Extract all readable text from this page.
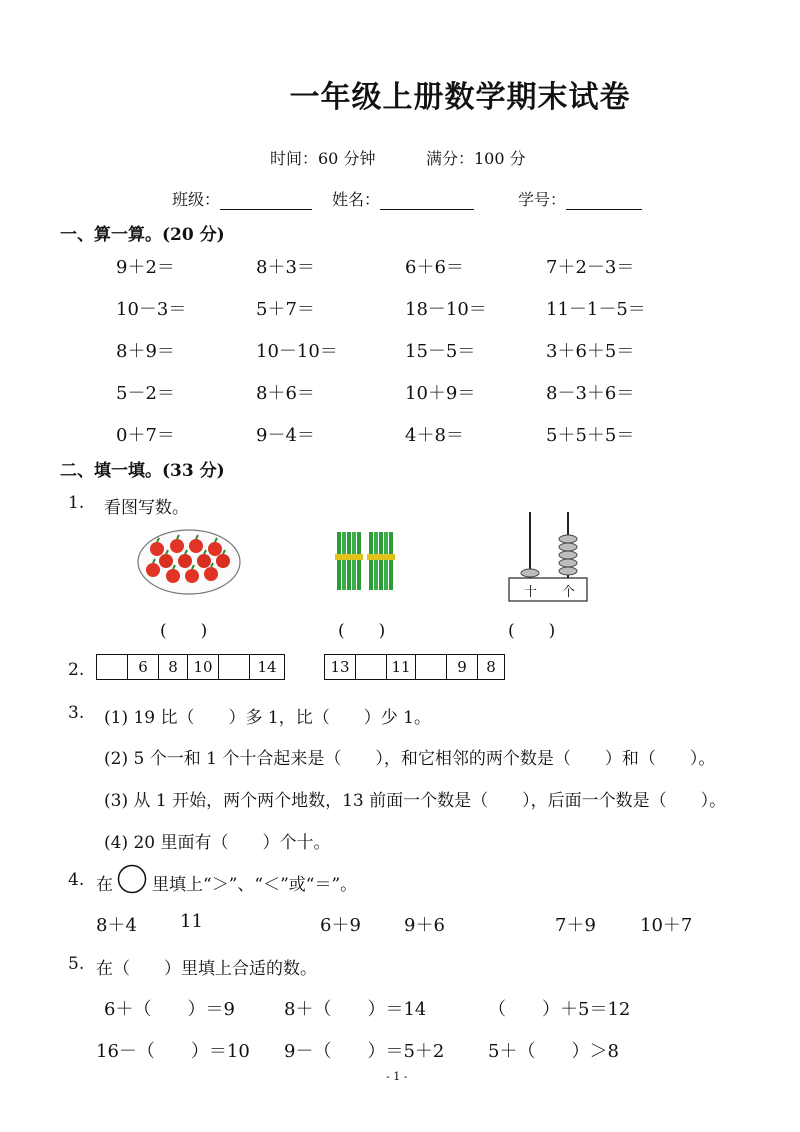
一年级上册数学期末试卷
时间：60 分钟	满分：100 分
班级：	姓名：	学号：
一、算一算。(20 分)
9＋2＝	8＋3＝	6＋6＝	7＋2－3＝
10－3＝	5＋7＝	18－10＝	11－1－5＝
8＋9＝	10－10＝	15－5＝	3＋6＋5＝
5－2＝	8＋6＝	10＋9＝	8－3＋6＝
0＋7＝	9－4＝	4＋8＝	5＋5＋5＝
二、填一填。(33 分)
1. 看图写数。
十 个
(　　)	(　　)	(　　)
2.
		6	8	10		14	13		11		9	8
3. (1) 19 比（　　）多 1，比（　　）少 1。
(2) 5 个一和 1 个十合起来是（　　），和它相邻的两个数是（　　）和（　　）。
(3) 从 1 开始，两个两个地数，13 前面一个数是（　　），后面一个数是（　　）。
(4) 20 里面有（　　）个十。
4. 在 里填上“＞”、“＜”或“＝”。
8＋4 11	6＋9 9＋6	7＋9 10＋7
5. 在（　　）里填上合适的数。
6＋（　　）＝9	8＋（　　）＝14	（　　）＋5＝12
16－（　　）＝10 9－（　　）＝5＋2 5＋（　　）＞8
- 1 -
